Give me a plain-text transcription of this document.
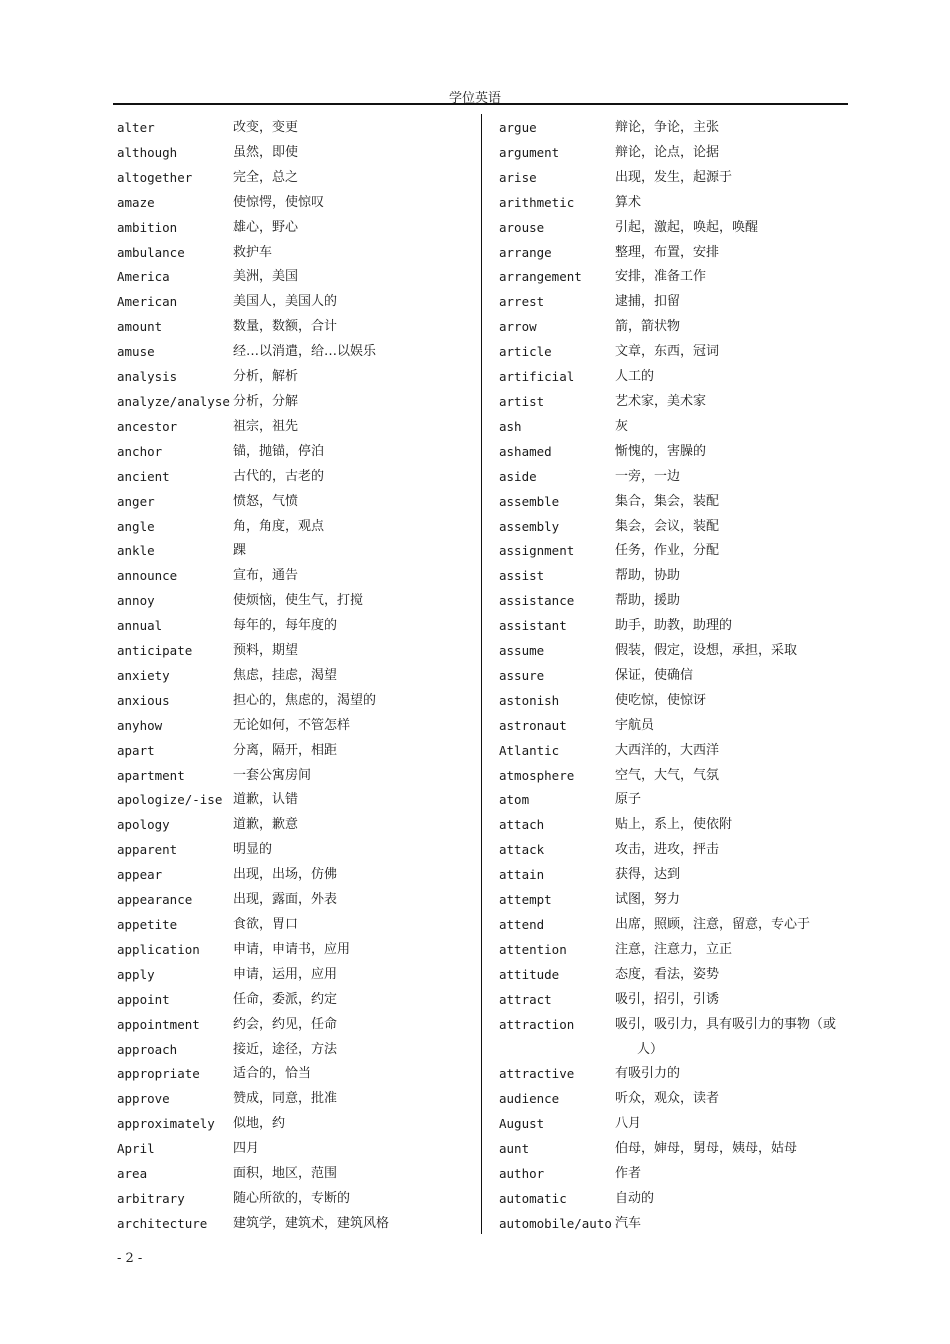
学位英语
alter	改变，变更
although	虽然，即使
altogether	完全，总之
amaze	使惊愕，使惊叹
ambition	雄心，野心
ambulance	救护车
America	美洲，美国
American	美国人，美国人的
amount	数量，数额，合计
amuse	经…以消遣，给…以娱乐
analysis	分析，解析
analyze/analyse 分析，分解
ancestor	祖宗，祖先
anchor	锚，抛锚，停泊
ancient	古代的，古老的
anger	愤怒，气愤
angle	角，角度，观点
ankle	踝
announce	宣布，通告
annoy	使烦恼，使生气，打搅
annual	每年的，每年度的
anticipate	预料，期望
anxiety	焦虑，挂虑，渴望
anxious	担心的，焦虑的，渴望的
anyhow	无论如何，不管怎样
apart	分离，隔开，相距
apartment	一套公寓房间
apologize/-ise 道歉，认错
apology	道歉，歉意
apparent	明显的
appear	出现，出场，仿佛
appearance	出现，露面，外表
appetite	食欲，胃口
application	申请，申请书，应用
apply	申请，运用，应用
appoint	任命，委派，约定
appointment	约会，约见，任命
approach	接近，途径，方法
appropriate	适合的，恰当
approve	赞成，同意，批准
approximately	似地，约
April	四月
area	面积，地区，范围
arbitrary	随心所欲的，专断的
architecture	建筑学，建筑术，建筑风格
argue	辩论，争论，主张
argument	辩论，论点，论据
arise	出现，发生，起源于
arithmetic	算术
arouse	引起，激起，唤起，唤醒
arrange	整理，布置，安排
arrangement	安排，准备工作
arrest	逮捕，扣留
arrow	箭，箭状物
article	文章，东西，冠词
artificial	人工的
artist	艺术家，美术家
ash	灰
ashamed	惭愧的，害臊的
aside	一旁，一边
assemble	集合，集会，装配
assembly	集会，会议，装配
assignment	任务，作业，分配
assist	帮助，协助
assistance	帮助，援助
assistant	助手，助教，助理的
assume	假装，假定，设想，承担，采取
assure	保证，使确信
astonish	使吃惊，使惊讶
astronaut	宇航员
Atlantic	大西洋的，大西洋
atmosphere	空气，大气，气氛
atom	原子
attach	贴上，系上，使依附
attack	攻击，进攻，抨击
attain	获得，达到
attempt	试图，努力
attend	出席，照顾，注意，留意，专心于
attention	注意，注意力，立正
attitude	态度，看法，姿势
attract	吸引，招引，引诱
attraction	吸引，吸引力，具有吸引力的事物（或
人）
attractive	有吸引力的
audience	听众，观众，读者
August	八月
aunt	伯母，婶母，舅母，姨母，姑母
author	作者
automatic	自动的
automobile/auto 汽车
- 2 -
